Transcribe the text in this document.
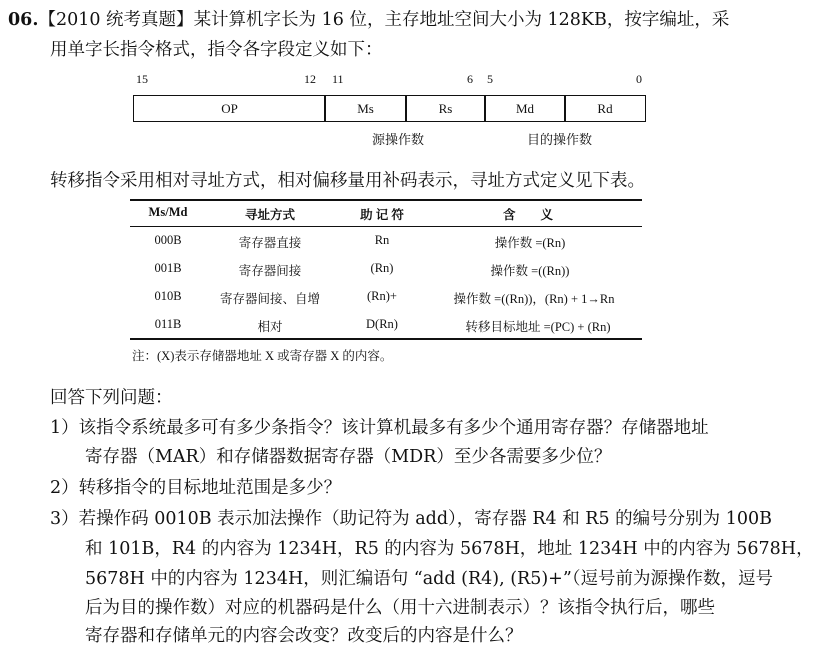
06.【2010 统考真题】某计算机字长为 16 位，主存地址空间大小为 128KB，按字编址，采
用单字长指令格式，指令各字段定义如下：
15	12 11	6 5	0
OP	Ms	Rs	Md	Rd
源操作数	目的操作数
转移指令采用相对寻址方式，相对偏移量用补码表示，寻址方式定义见下表。
Ms/Md	寻址方式	助 记 符	含　　义
000B	寄存器直接	Rn	操作数 =(Rn)
001B	寄存器间接	(Rn)	操作数 =((Rn))
010B	寄存器间接、自增	(Rn)+	操作数 =((Rn))，(Rn) + 1→Rn
011B	相对	D(Rn)	转移目标地址 =(PC) + (Rn)
注：(X)表示存储器地址 X 或寄存器 X 的内容。
回答下列问题：
1）该指令系统最多可有多少条指令？该计算机最多有多少个通用寄存器？存储器地址
　　寄存器（MAR）和存储器数据寄存器（MDR）至少各需要多少位？
2）转移指令的目标地址范围是多少？
3）若操作码 0010B 表示加法操作（助记符为 add），寄存器 R4 和 R5 的编号分别为 100B
　　和 101B，R4 的内容为 1234H，R5 的内容为 5678H，地址 1234H 中的内容为 5678H，
　　5678H 中的内容为 1234H，则汇编语句 “add (R4), (R5)+”（逗号前为源操作数，逗号
　　后为目的操作数）对应的机器码是什么（用十六进制表示）？该指令执行后，哪些
　　寄存器和存储单元的内容会改变？改变后的内容是什么？
